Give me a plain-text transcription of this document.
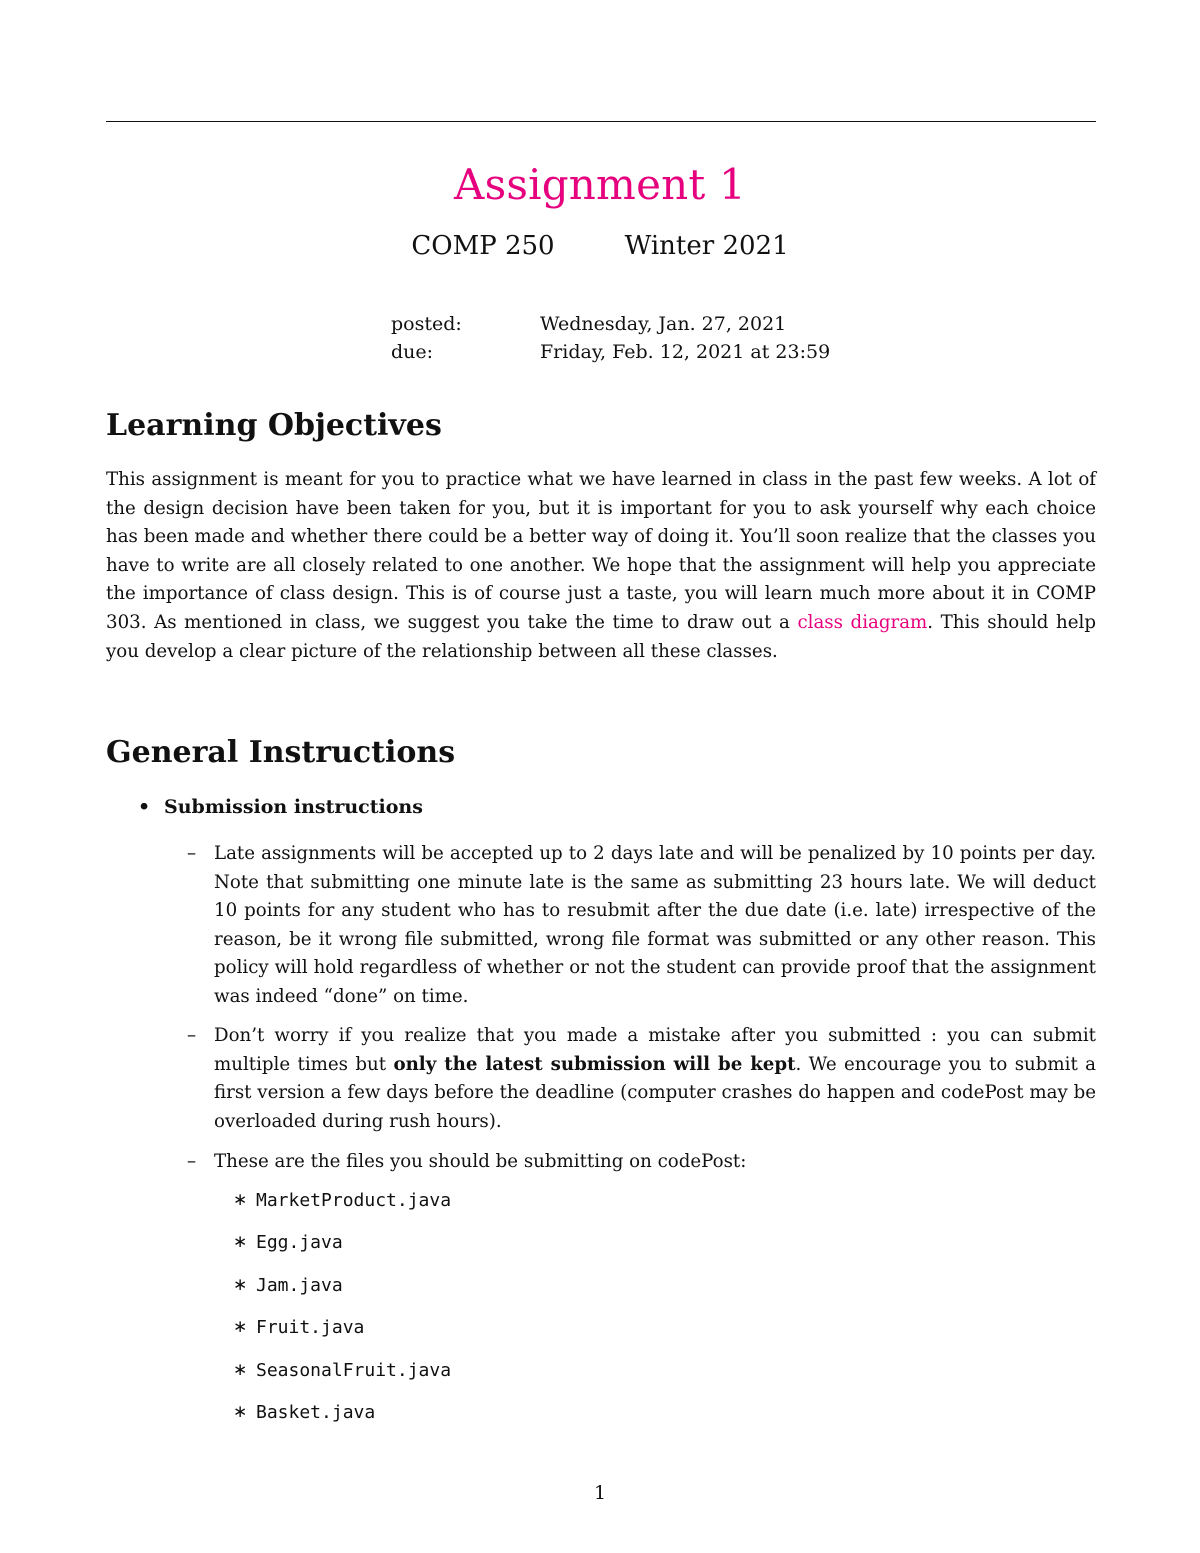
Assignment 1
COMP 250	Winter 2021
posted:	Wednesday, Jan. 27, 2021
due:	Friday, Feb. 12, 2021 at 23:59
Learning Objectives
This assignment is meant for you to practice what we have learned in class in the past few weeks. A lot of the design decision have been taken for you, but it is important for you to ask yourself why each choice has been made and whether there could be a better way of doing it. You’ll soon realize that the classes you have to write are all closely related to one another. We hope that the assignment will help you appreciate the importance of class design. This is of course just a taste, you will learn much more about it in COMP 303. As mentioned in class, we suggest you take the time to draw out a class diagram. This should help you develop a clear picture of the relationship between all these classes.
General Instructions
• Submission instructions
– Late assignments will be accepted up to 2 days late and will be penalized by 10 points per day. Note that submitting one minute late is the same as submitting 23 hours late. We will deduct 10 points for any student who has to resubmit after the due date (i.e. late) irrespective of the reason, be it wrong file submitted, wrong file format was submitted or any other reason. This policy will hold regardless of whether or not the student can provide proof that the assignment was indeed “done” on time.
– Don’t worry if you realize that you made a mistake after you submitted : you can submit multiple times but only the latest submission will be kept. We encourage you to submit a first version a few days before the deadline (computer crashes do happen and codePost may be overloaded during rush hours).
– These are the files you should be submitting on codePost:
∗ MarketProduct.java
∗ Egg.java
∗ Jam.java
∗ Fruit.java
∗ SeasonalFruit.java
∗ Basket.java
1
